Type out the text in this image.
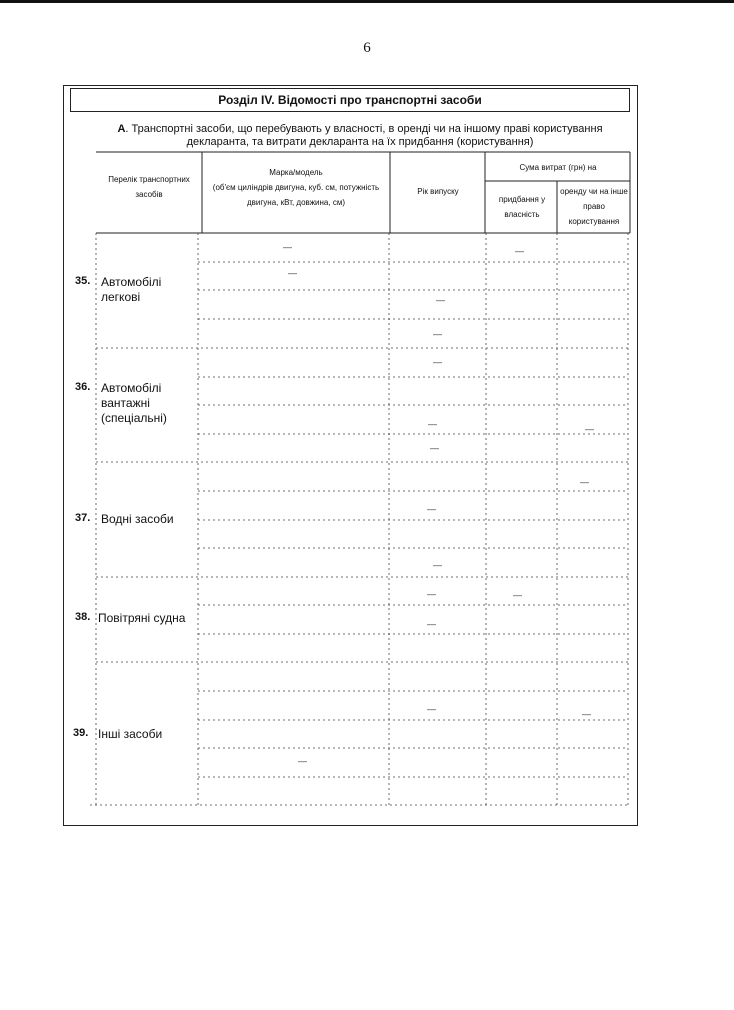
6
Розділ IV. Відомості про транспортні засоби
А. Транспортні засоби, що перебувають у власності, в оренді чи на іншому праві користування декларанта, та витрати декларанта на їх придбання (користування)
—	—
—
—
—
—
—
—
—
—
—
—
—
—
—
—
—
—
Перелік транспортних засобів
Марка/модель
(об'єм циліндрів двигуна, куб. см, потужність двигуна, кВт, довжина, см)
Рік випуску
Сума витрат (грн) на
придбання у власність
оренду чи на інше право користування
35. Автомобілі легкові
36. Автомобілі вантажні (спеціальні)
37. Водні засоби
38. Повітряні судна
39. Інші засоби
